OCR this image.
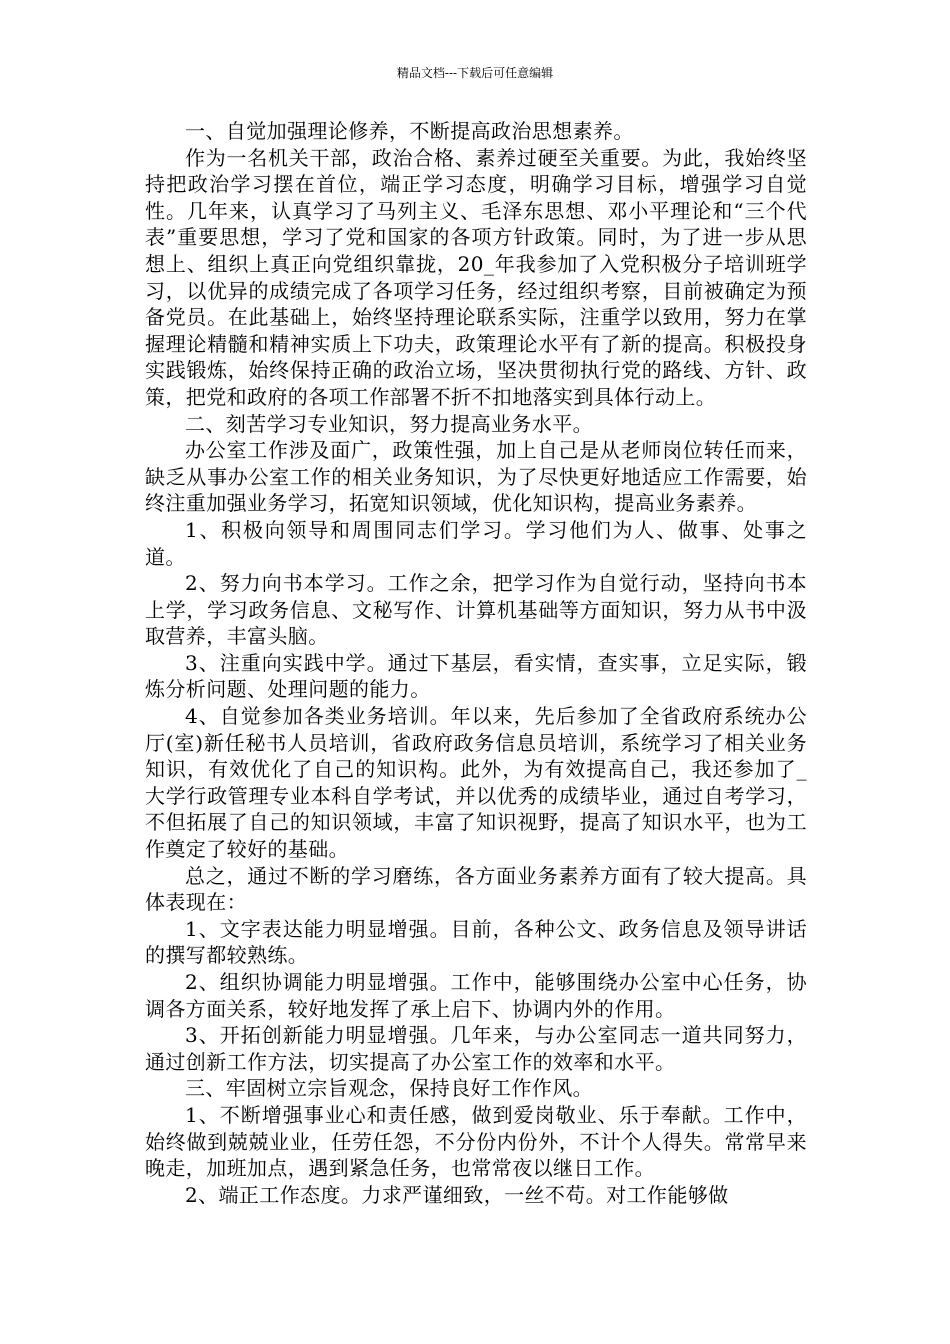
精品文档---下载后可任意编辑

一、自觉加强理论修养，不断提高政治思想素养。

作为一名机关干部，政治合格、素养过硬至关重要。为此，我始终坚持把政治学习摆在首位，端正学习态度，明确学习目标，增强学习自觉性。几年来，认真学习了马列主义、毛泽东思想、邓小平理论和“三个代表”重要思想，学习了党和国家的各项方针政策。同时，为了进一步从思想上、组织上真正向党组织靠拢，20_年我参加了入党积极分子培训班学习，以优异的成绩完成了各项学习任务，经过组织考察，目前被确定为预备党员。在此基础上，始终坚持理论联系实际，注重学以致用，努力在掌握理论精髓和精神实质上下功夫，政策理论水平有了新的提高。积极投身实践锻炼，始终保持正确的政治立场，坚决贯彻执行党的路线、方针、政策，把党和政府的各项工作部署不折不扣地落实到具体行动上。

二、刻苦学习专业知识，努力提高业务水平。

办公室工作涉及面广，政策性强，加上自己是从老师岗位转任而来，缺乏从事办公室工作的相关业务知识，为了尽快更好地适应工作需要，始终注重加强业务学习，拓宽知识领域，优化知识构，提高业务素养。

1、积极向领导和周围同志们学习。学习他们为人、做事、处事之道。

2、努力向书本学习。工作之余，把学习作为自觉行动，坚持向书本上学，学习政务信息、文秘写作、计算机基础等方面知识，努力从书中汲取营养，丰富头脑。

3、注重向实践中学。通过下基层，看实情，查实事，立足实际，锻炼分析问题、处理问题的能力。

4、自觉参加各类业务培训。年以来，先后参加了全省政府系统办公厅(室)新任秘书人员培训，省政府政务信息员培训，系统学习了相关业务知识，有效优化了自己的知识构。此外，为有效提高自己，我还参加了_大学行政管理专业本科自学考试，并以优秀的成绩毕业，通过自考学习，不但拓展了自己的知识领域，丰富了知识视野，提高了知识水平，也为工作奠定了较好的基础。

总之，通过不断的学习磨练，各方面业务素养方面有了较大提高。具体表现在：

1、文字表达能力明显增强。目前，各种公文、政务信息及领导讲话的撰写都较熟练。

2、组织协调能力明显增强。工作中，能够围绕办公室中心任务，协调各方面关系，较好地发挥了承上启下、协调内外的作用。

3、开拓创新能力明显增强。几年来，与办公室同志一道共同努力，通过创新工作方法，切实提高了办公室工作的效率和水平。

三、牢固树立宗旨观念，保持良好工作作风。

1、不断增强事业心和责任感，做到爱岗敬业、乐于奉献。工作中，始终做到兢兢业业，任劳任怨，不分份内份外，不计个人得失。常常早来晚走，加班加点，遇到紧急任务，也常常夜以继日工作。

2、端正工作态度。力求严谨细致，一丝不苟。对工作能够做
